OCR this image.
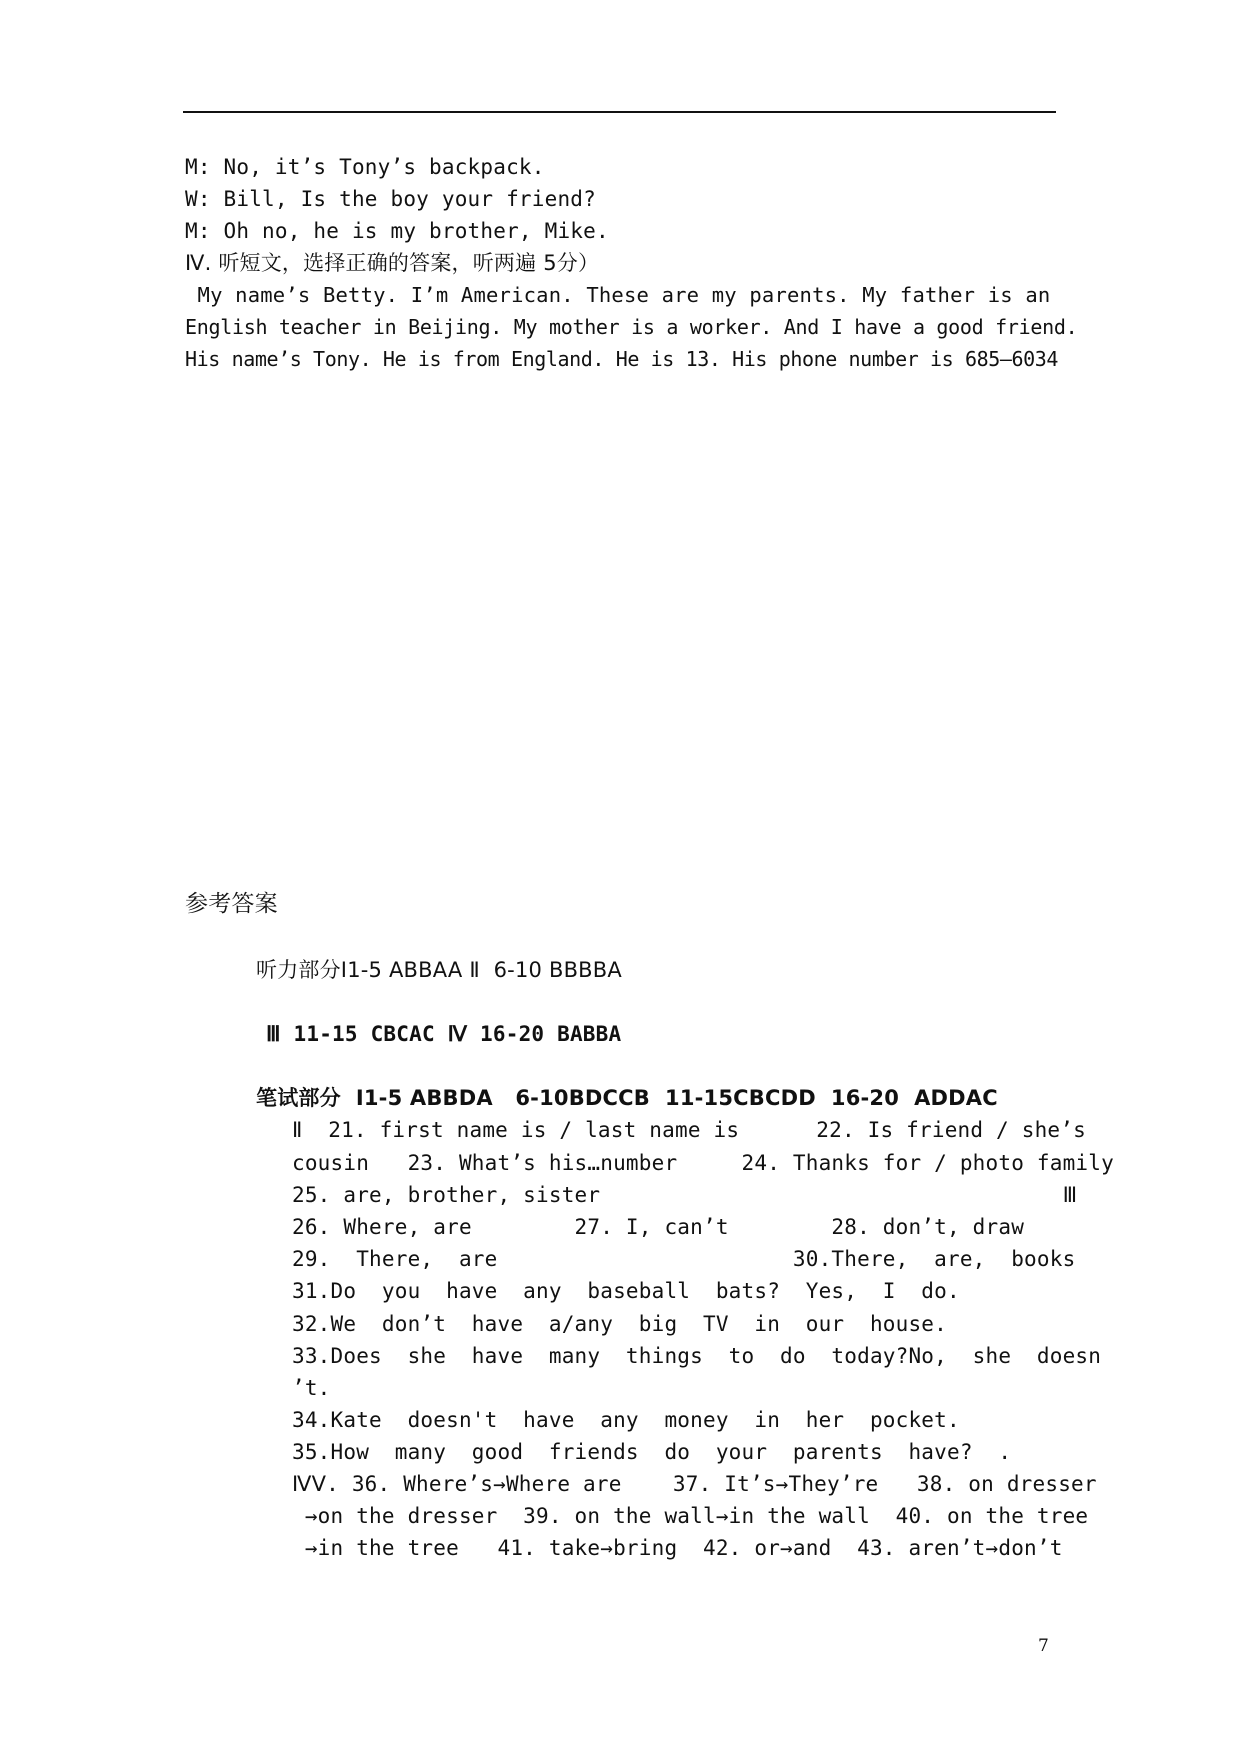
M: No, it’s Tony’s backpack.
W: Bill, Is the boy your friend?
M: Oh no, he is my brother, Mike.
Ⅳ. 听短文，选择正确的答案，听两遍 5分）
My name’s Betty. I’m American. These are my parents. My father is an
English teacher in Beijing. My mother is a worker. And I have a good friend.
His name’s Tony. He is from England. He is 13. His phone number is 685—6034
参考答案
听力部分Ⅰ1-5 ABBAA Ⅱ  6-10 BBBBA
Ⅲ 11-15 CBCAC Ⅳ 16-20 BABBA
笔试部分  Ⅰ1-5 ABBDA   6-10BDCCB  11-15CBCDD  16-20  ADDAC
Ⅱ  21. first name is / last name is      22. Is friend / she’s
cousin   23. What’s his…number     24. Thanks for / photo family
25. are, brother, sister                                    Ⅲ
26. Where, are        27. I, can’t        28. don’t, draw
29.  There,  are                       30.There,  are,  books
31.Do  you  have  any  baseball  bats?  Yes,  I  do.
32.We  don’t  have  a/any  big  TV  in  our  house.
33.Does  she  have  many  things  to  do  today?No,  she  doesn
’t.
34.Kate  doesn't  have  any  money  in  her  pocket.
35.How  many  good  friends  do  your  parents  have?  .
ⅣⅤ. 36. Where’s→Where are    37. It’s→They’re   38. on dresser
→on the dresser  39. on the wall→in the wall  40. on the tree
→in the tree   41. take→bring  42. or→and  43. aren’t→don’t
7
